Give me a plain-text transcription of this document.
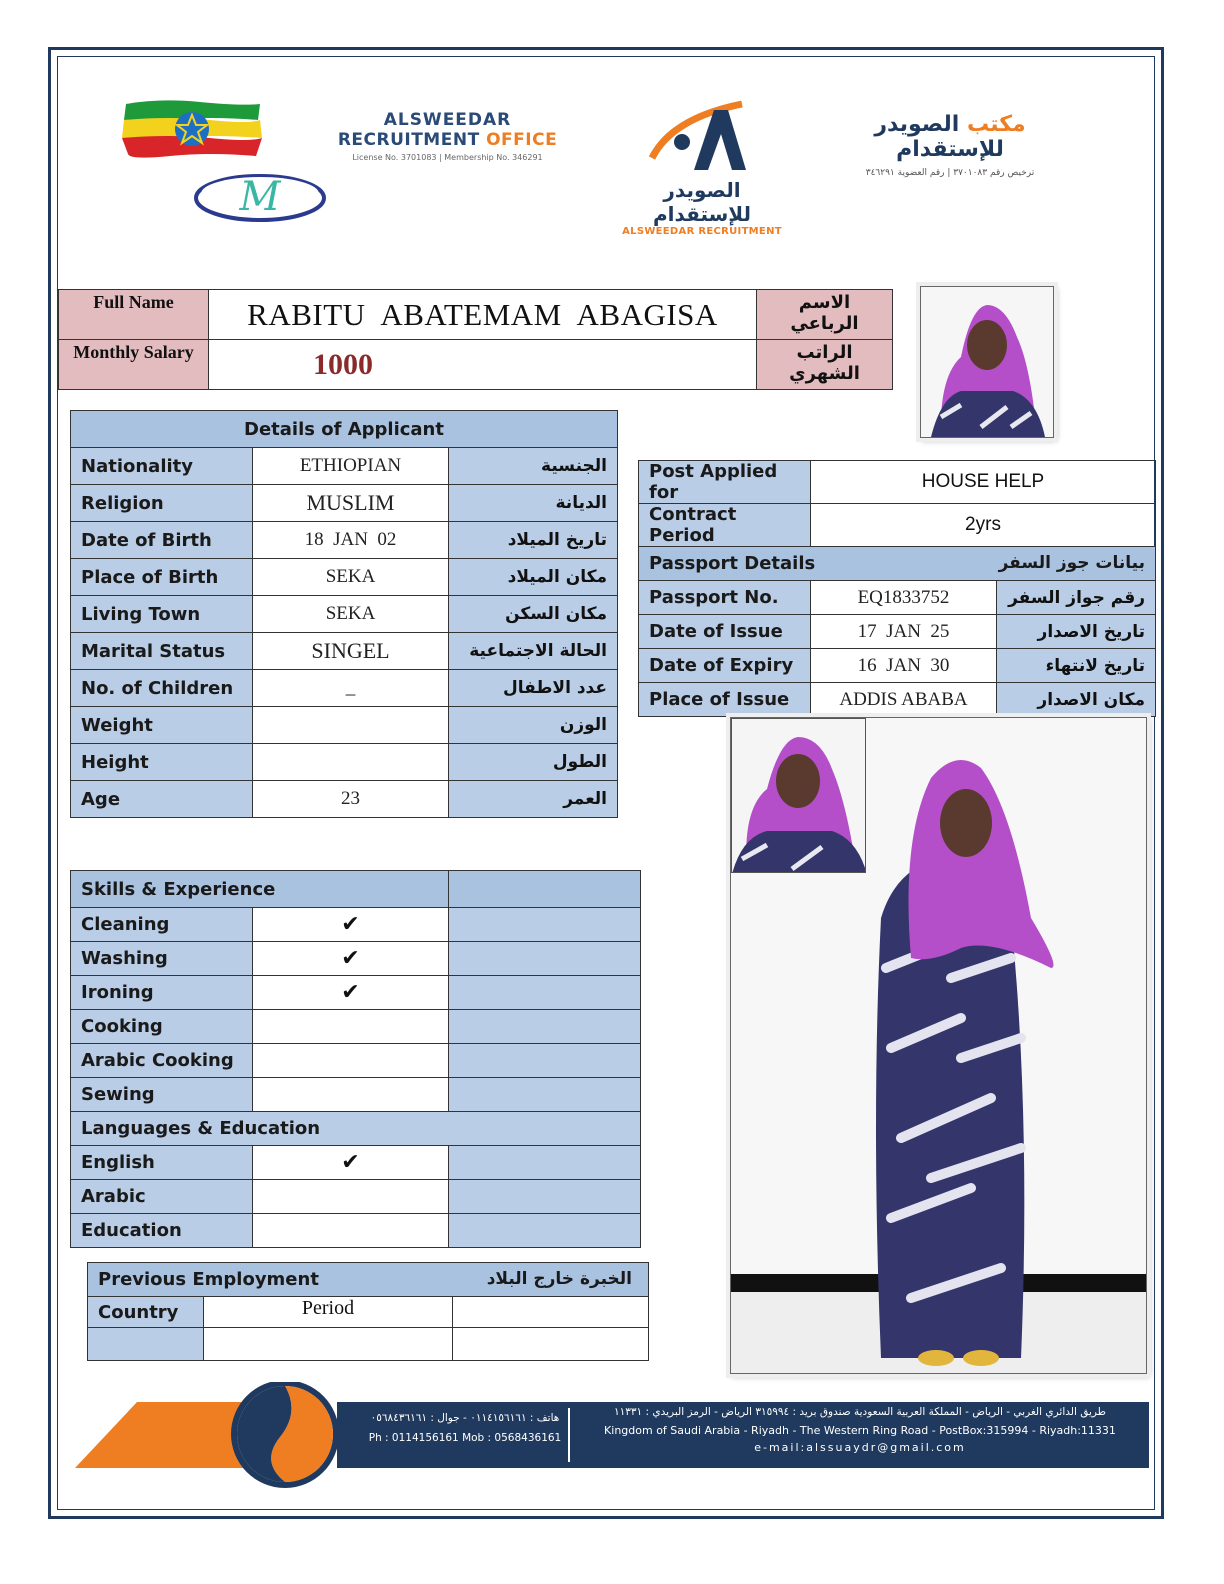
M
ALSWEEDAR
RECRUITMENT OFFICE
License No. 3701083 | Membership No. 346291
الصويدر للإستقدام
ALSWEEDAR RECRUITMENT
مكتب الصويدر للإستقدام
ترخيص رقم ٣٧٠١٠٨٣ | رقم العضوية ٣٤٦٢٩١
Full Name	RABITU  ABATEMAM  ABAGISA	الاسم الرباعي
Monthly Salary	1000	الراتب الشهري
Details of Applicant		
Nationality	ETHIOPIAN	الجنسية
Religion	MUSLIM	الديانة
Date of Birth	18  JAN  02	تاريخ الميلاد
Place of Birth	SEKA	مكان الميلاد
Living Town	SEKA	مكان السكن
Marital Status	SINGEL	الحالة الاجتماعية
No. of Children	_	عدد الاطفال
Weight		الوزن
Height		الطول
Age	23	العمر
Post Applied for	HOUSE HELP	
Contract Period	2yrs	
Passport Details بيانات جوز السفر		

Passport No.	EQ1833752	رقم جواز السفر
Date of Issue	17  JAN  25	تاريخ الاصدار
Date of Expiry	16  JAN  30	تاريخ لانتهاء
Place of Issue	ADDIS ABABA	مكان الاصدار
Skills & Experience		
Cleaning	✔	
Washing	✔	
Ironing	✔	
Cooking		
Arabic Cooking		
Sewing		
Languages & Education		
English	✔	
Arabic		
Education		
Previous Employment الخبرة خارج البلاد		

Country	Period	

هاتف : ٠١١٤١٥٦١٦١ - جوال : ٠٥٦٨٤٣٦١٦١
Ph : 0114156161 Mob : 0568436161
طريق الدائري الغربي - الرياض - المملكة العربية السعودية صندوق بريد : ٣١٥٩٩٤ الرياض - الرمز البريدي : ١١٣٣١
Kingdom of Saudi Arabia - Riyadh - The Western Ring Road - PostBox:315994 - Riyadh:11331
e-mail:alssuaydr@gmail.com
